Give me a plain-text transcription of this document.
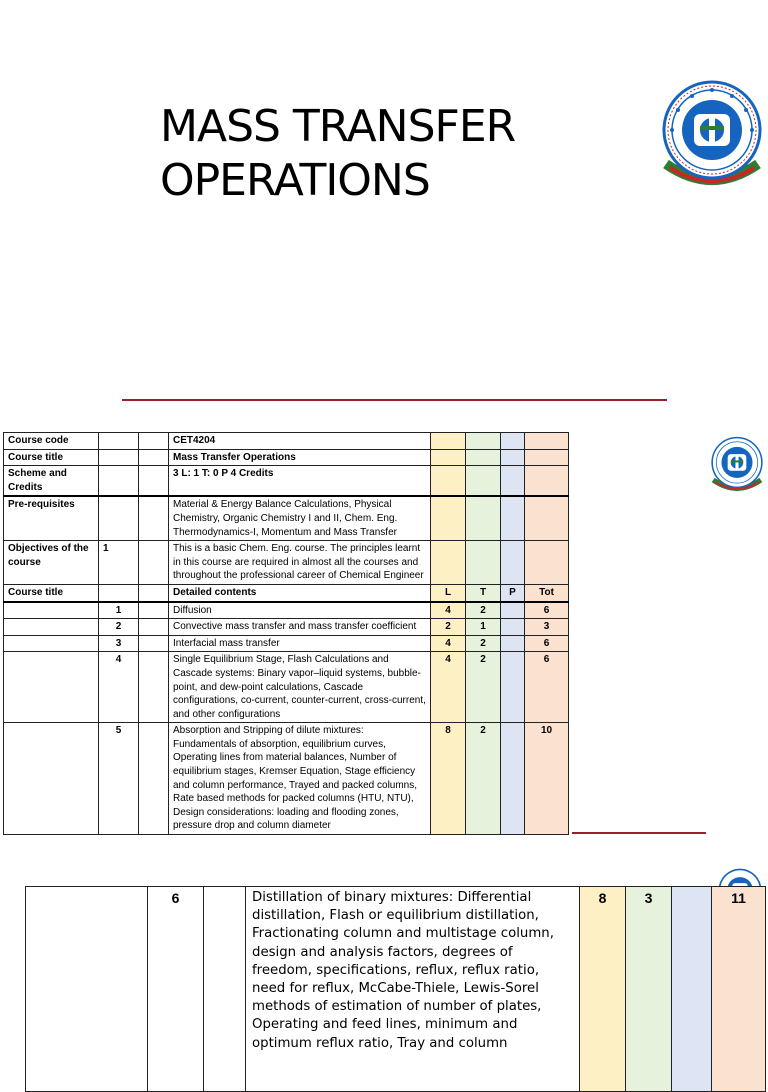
MASS TRANSFER
OPERATIONS
Course code			CET4204				
Course title			Mass Transfer Operations				
Scheme and Credits			3 L: 1 T: 0 P 4 Credits				
Pre-requisites			Material & Energy Balance Calculations, Physical Chemistry, Organic Chemistry I and II, Chem. Eng. Thermodynamics-I, Momentum and Mass Transfer				
Objectives of the course	1		This is a basic Chem. Eng. course. The principles learnt in this course are required in almost all the courses and throughout the professional career of Chemical Engineer				
Course title			Detailed contents	L	T	P	Tot
	1		Diffusion	4	2		6
	2		Convective mass transfer and mass transfer coefficient	2	1		3
	3		Interfacial mass transfer	4	2		6
	4		Single Equilibrium Stage, Flash Calculations and Cascade systems: Binary vapor–liquid systems, bubble-point, and dew-point calculations, Cascade configurations, co-current, counter-current, cross-current, and other configurations	4	2		6
	5		Absorption and Stripping of dilute mixtures: Fundamentals of absorption, equilibrium curves, Operating lines from material balances, Number of equilibrium stages, Kremser Equation, Stage efficiency and column performance, Trayed and packed columns, Rate based methods for packed columns (HTU, NTU), Design considerations: loading and flooding zones, pressure drop and column diameter	8	2		10
	6		Distillation of binary mixtures: Differential distillation, Flash or equilibrium distillation, Fractionating column and multistage column, design and analysis factors, degrees of freedom, specifications, reflux, reflux ratio, need for reflux, McCabe-Thiele, Lewis-Sorel methods of estimation of number of plates, Operating and feed lines, minimum and optimum reflux ratio, Tray and column	8	3		11
